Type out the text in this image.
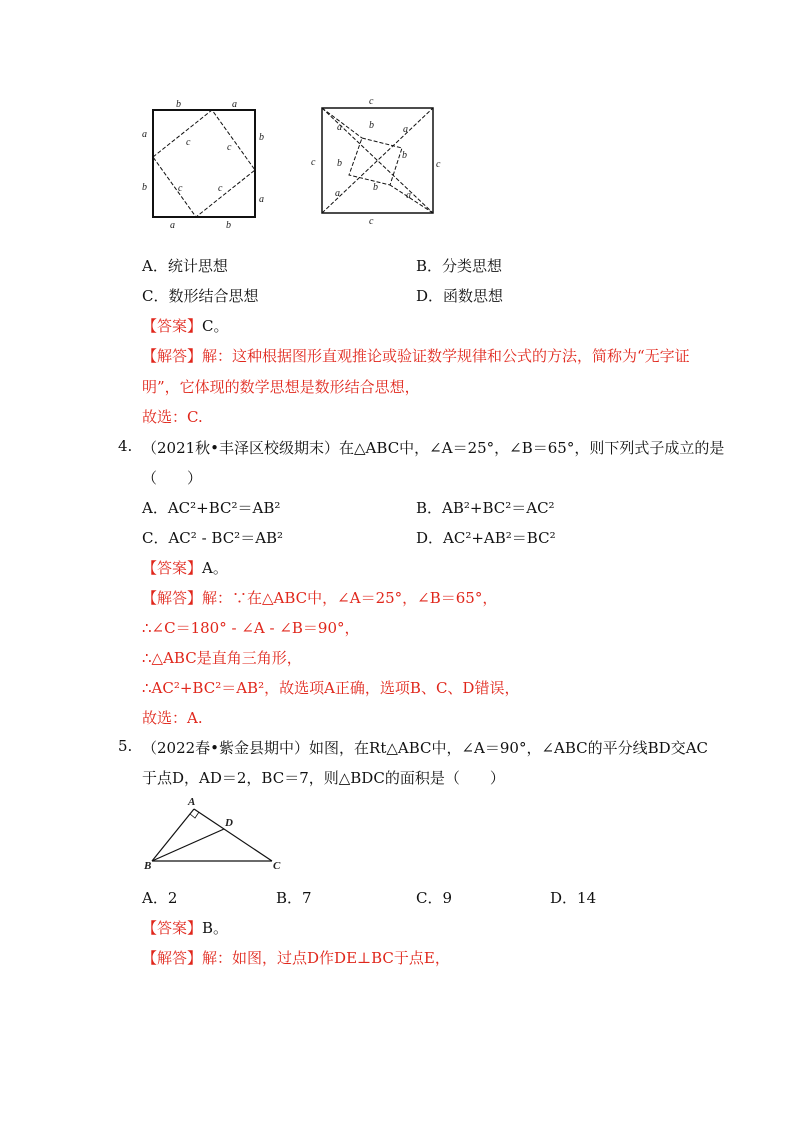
b	a
a
b
b
a
a	b
c	c
c	c
c
c	c
c
a	b	a
b
b
b
a	a
A．统计思想	B．分类思想
C．数形结合思想	D．函数思想
【答案】C。
【解答】解：这种根据图形直观推论或验证数学规律和公式的方法，简称为“无字证
明”，它体现的数学思想是数形结合思想，
故选：C.
4. （2021秋•丰泽区校级期末）在△ABC中，∠A＝25°，∠B＝65°，则下列式子成立的是
（　　）
A．AC²+BC²＝AB²	B．AB²+BC²＝AC²
C．AC² - BC²＝AB²	D．AC²+AB²＝BC²
【答案】A。
【解答】解：∵在△ABC中，∠A＝25°，∠B＝65°，
∴∠C＝180° - ∠A - ∠B＝90°，
∴△ABC是直角三角形，
∴AC²+BC²＝AB²，故选项A正确，选项B、C、D错误，
故选：A.
5. （2022春•紫金县期中）如图，在Rt△ABC中，∠A＝90°，∠ABC的平分线BD交AC
于点D，AD＝2，BC＝7，则△BDC的面积是（　　）
A
D
B	C
A．2	B．7	C．9	D．14
【答案】B。
【解答】解：如图，过点D作DE⊥BC于点E，
